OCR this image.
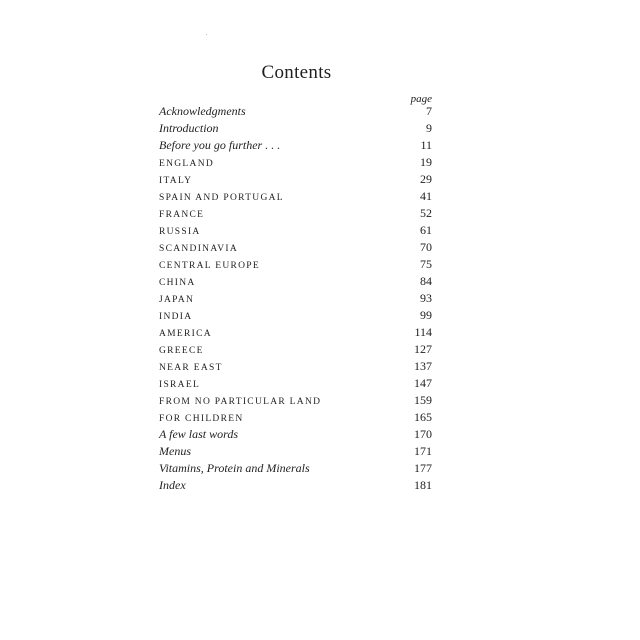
Contents
page
Acknowledgments	7
Introduction	9
Before you go further . . .	11
ENGLAND	19
ITALY	29
SPAIN AND PORTUGAL	41
FRANCE	52
RUSSIA	61
SCANDINAVIA	70
CENTRAL EUROPE	75
CHINA	84
JAPAN	93
INDIA	99
AMERICA	114
GREECE	127
NEAR EAST	137
ISRAEL	147
FROM NO PARTICULAR LAND	159
FOR CHILDREN	165
A few last words	170
Menus	171
Vitamins, Protein and Minerals	177
Index	181
